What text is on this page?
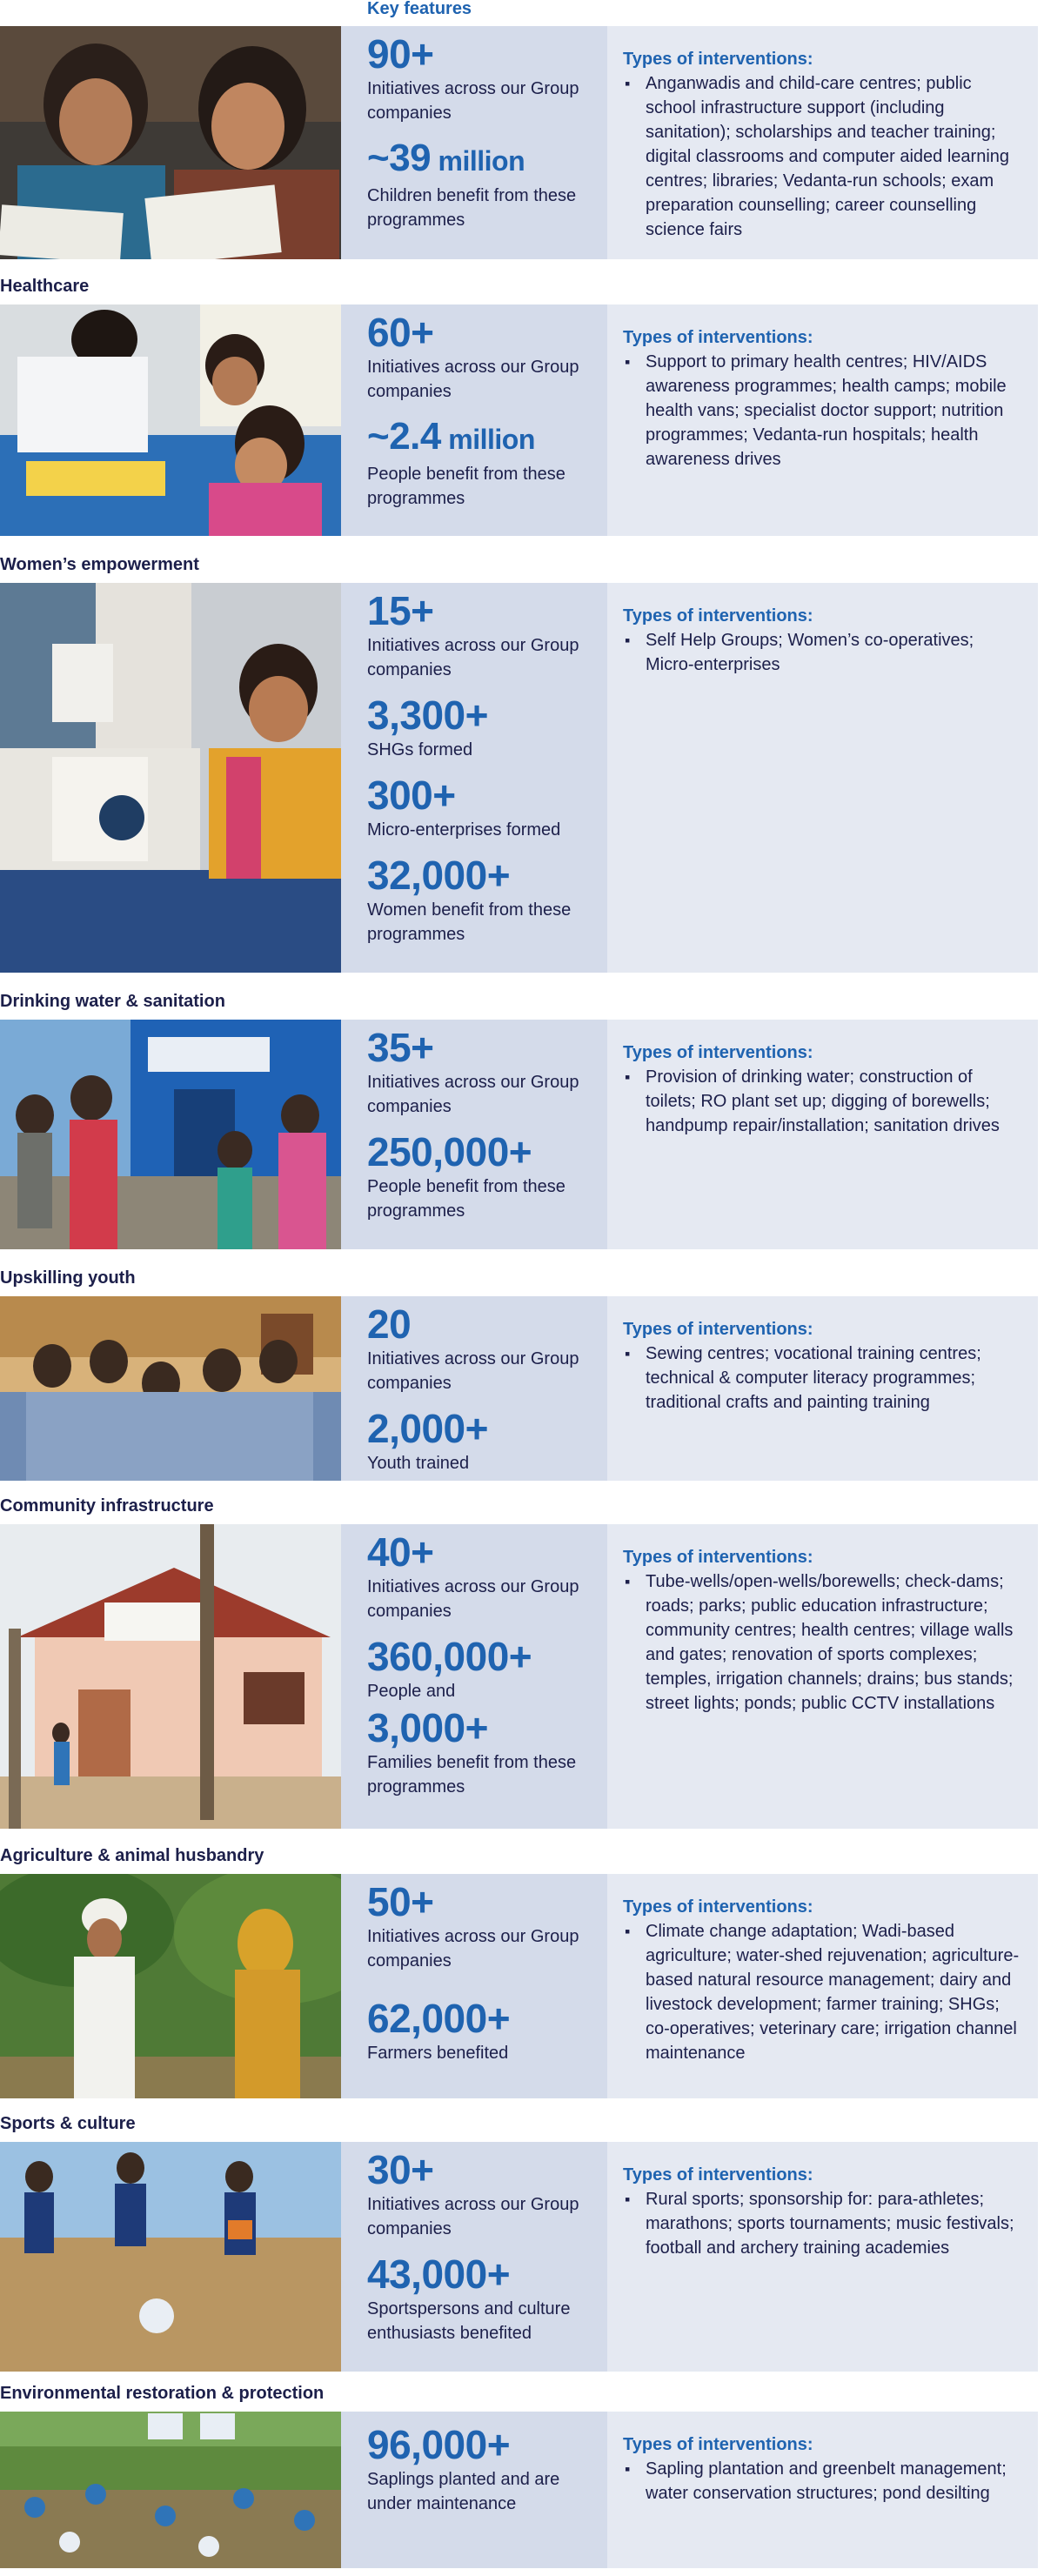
Key features
90+
Initiatives across our Group companies
~39 million
Children benefit from these programmes
Types of interventions:
▪ Anganwadis and child-care centres; public school infrastructure support (including sanitation); scholarships and teacher training; digital classrooms and computer aided learning centres; libraries; Vedanta-run schools; exam preparation counselling; career counselling science fairs
Healthcare
60+
Initiatives across our Group companies
~2.4 million
People benefit from these programmes
Types of interventions:
▪ Support to primary health centres; HIV/AIDS awareness programmes; health camps; mobile health vans; specialist doctor support; nutrition programmes; Vedanta-run hospitals; health awareness drives
Women’s empowerment
15+
Initiatives across our Group companies
3,300+
SHGs formed
300+
Micro-enterprises formed
32,000+
Women benefit from these programmes
Types of interventions:
▪ Self Help Groups; Women’s co-operatives; Micro-enterprises
Drinking water & sanitation
35+
Initiatives across our Group companies
250,000+
People benefit from these programmes
Types of interventions:
▪ Provision of drinking water; construction of toilets; RO plant set up; digging of borewells; handpump repair/installation; sanitation drives
Upskilling youth
20
Initiatives across our Group companies
2,000+
Youth trained
Types of interventions:
▪ Sewing centres; vocational training centres; technical & computer literacy programmes; traditional crafts and painting training
Community infrastructure
40+
Initiatives across our Group companies
360,000+
People and
3,000+
Families benefit from these programmes
Types of interventions:
▪ Tube-wells/open-wells/borewells; check-dams; roads; parks; public education infrastructure; community centres; health centres; village walls and gates; renovation of sports complexes; temples, irrigation channels; drains; bus stands; street lights; ponds; public CCTV installations
Agriculture & animal husbandry
50+
Initiatives across our Group companies
62,000+
Farmers benefited
Types of interventions:
▪ Climate change adaptation; Wadi-based agriculture; water-shed rejuvenation; agriculture-based natural resource management; dairy and livestock development; farmer training; SHGs; co-operatives; veterinary care; irrigation channel maintenance
Sports & culture
30+
Initiatives across our Group companies
43,000+
Sportspersons and culture enthusiasts benefited
Types of interventions:
▪ Rural sports; sponsorship for: para-athletes; marathons; sports tournaments; music festivals; football and archery training academies
Environmental restoration & protection
96,000+
Saplings planted and are under maintenance
Types of interventions:
▪ Sapling plantation and greenbelt management; water conservation structures; pond desilting
